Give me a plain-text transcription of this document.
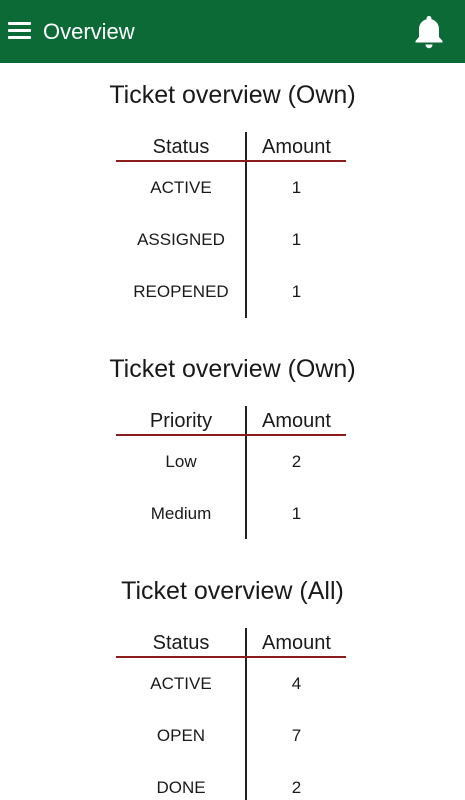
Overview
Ticket overview (Own)
Status	Amount
ACTIVE	1
ASSIGNED	1
REOPENED	1
Ticket overview (Own)
Priority	Amount
Low	2
Medium	1
Ticket overview (All)
Status	Amount
ACTIVE	4
OPEN	7
DONE	2
